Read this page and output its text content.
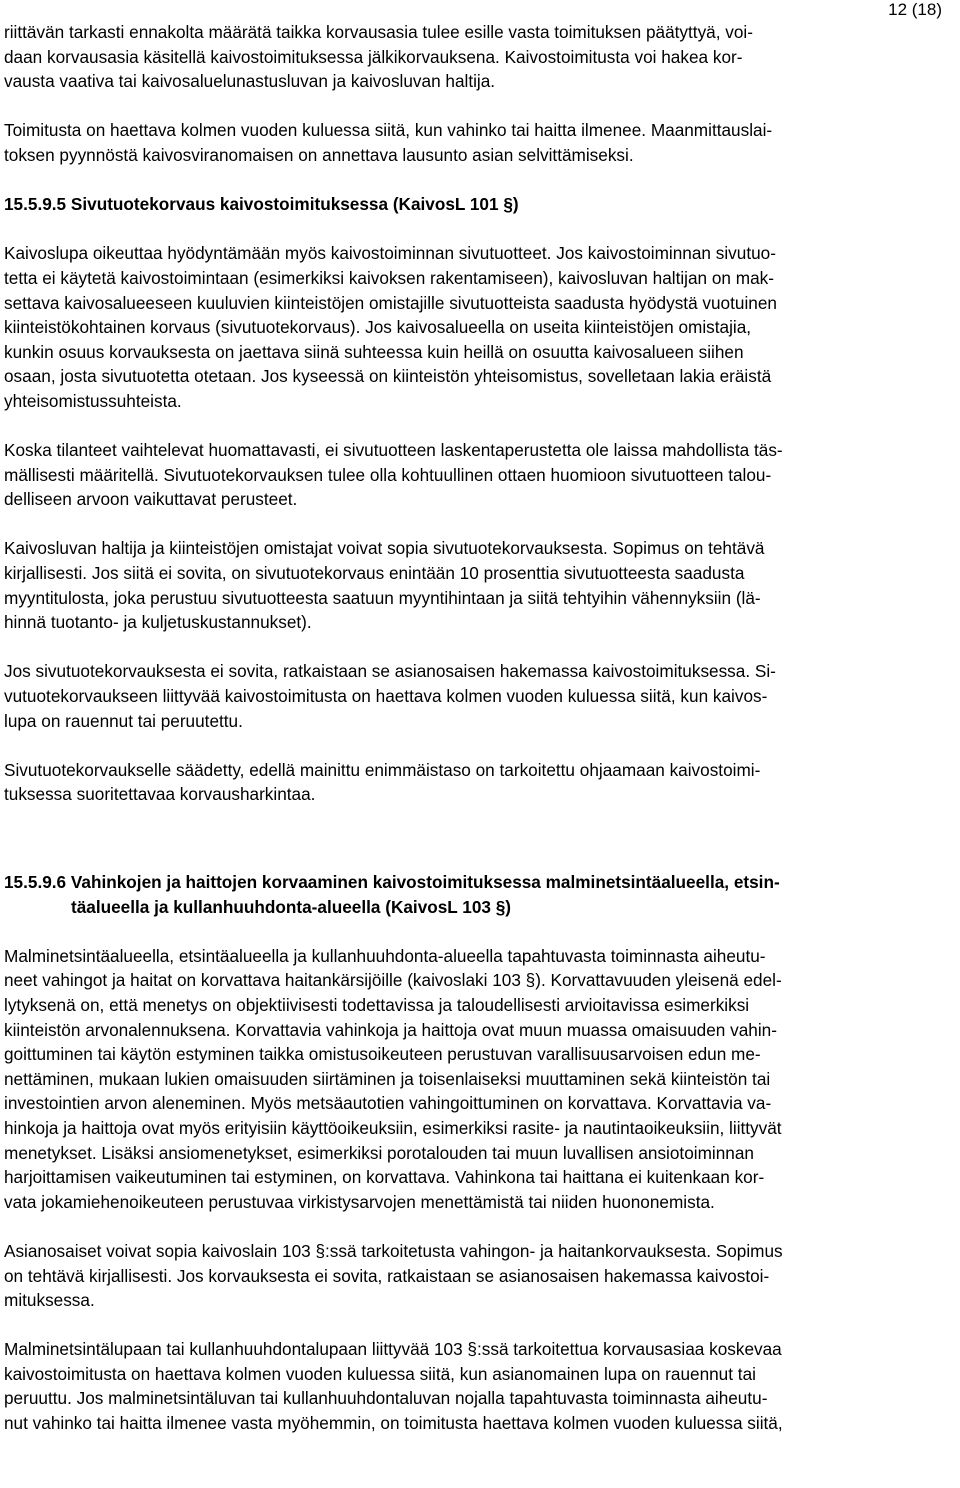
12 (18)

riittävän tarkasti ennakolta määrätä taikka korvausasia tulee esille vasta toimituksen päätyttyä, voi-
daan korvausasia käsitellä kaivostoimituksessa jälkikorvauksena. Kaivostoimitusta voi hakea kor-
vausta vaativa tai kaivosaluelunastusluvan ja kaivosluvan haltija.

Toimitusta on haettava kolmen vuoden kuluessa siitä, kun vahinko tai haitta ilmenee. Maanmittauslai-
toksen pyynnöstä kaivosviranomaisen on annettava lausunto asian selvittämiseksi.

15.5.9.5 Sivutuotekorvaus kaivostoimituksessa (KaivosL 101 §)

Kaivoslupa oikeuttaa hyödyntämään myös kaivostoiminnan sivutuotteet. Jos kaivostoiminnan sivutuo-
tetta ei käytetä kaivostoimintaan (esimerkiksi kaivoksen rakentamiseen), kaivosluvan haltijan on mak-
settava kaivosalueeseen kuuluvien kiinteistöjen omistajille sivutuotteista saadusta hyödystä vuotuinen
kiinteistökohtainen korvaus (sivutuotekorvaus). Jos kaivosalueella on useita kiinteistöjen omistajia,
kunkin osuus korvauksesta on jaettava siinä suhteessa kuin heillä on osuutta kaivosalueen siihen
osaan, josta sivutuotetta otetaan. Jos kyseessä on kiinteistön yhteisomistus, sovelletaan lakia eräistä
yhteisomistussuhteista.

Koska tilanteet vaihtelevat huomattavasti, ei sivutuotteen laskentaperustetta ole laissa mahdollista täs-
mällisesti määritellä. Sivutuotekorvauksen tulee olla kohtuullinen ottaen huomioon sivutuotteen talou-
delliseen arvoon vaikuttavat perusteet.

Kaivosluvan haltija ja kiinteistöjen omistajat voivat sopia sivutuotekorvauksesta. Sopimus on tehtävä
kirjallisesti. Jos siitä ei sovita, on sivutuotekorvaus enintään 10 prosenttia sivutuotteesta saadusta
myyntitulosta, joka perustuu sivutuotteesta saatuun myyntihintaan ja siitä tehtyihin vähennyksiin (lä-
hinnä tuotanto- ja kuljetuskustannukset).

Jos sivutuotekorvauksesta ei sovita, ratkaistaan se asianosaisen hakemassa kaivostoimituksessa. Si-
vutuotekorvaukseen liittyvää kaivostoimitusta on haettava kolmen vuoden kuluessa siitä, kun kaivos-
lupa on rauennut tai peruutettu.

Sivutuotekorvaukselle säädetty, edellä mainittu enimmäistaso on tarkoitettu ohjaamaan kaivostoimi-
tuksessa suoritettavaa korvausharkintaa.

15.5.9.6 Vahinkojen ja haittojen korvaaminen kaivostoimituksessa malminetsintäalueella, etsin-
täalueella ja kullanhuuhdonta-alueella (KaivosL 103 §)

Malminetsintäalueella, etsintäalueella ja kullanhuuhdonta-alueella tapahtuvasta toiminnasta aiheutu-
neet vahingot ja haitat on korvattava haitankärsijöille (kaivoslaki 103 §). Korvattavuuden yleisenä edel-
lytyksenä on, että menetys on objektiivisesti todettavissa ja taloudellisesti arvioitavissa esimerkiksi
kiinteistön arvonalennuksena. Korvattavia vahinkoja ja haittoja ovat muun muassa omaisuuden vahin-
goittuminen tai käytön estyminen taikka omistusoikeuteen perustuvan varallisuusarvoisen edun me-
nettäminen, mukaan lukien omaisuuden siirtäminen ja toisenlaiseksi muuttaminen sekä kiinteistön tai
investointien arvon aleneminen. Myös metsäautotien vahingoittuminen on korvattava. Korvattavia va-
hinkoja ja haittoja ovat myös erityisiin käyttöoikeuksiin, esimerkiksi rasite- ja nautintaoikeuksiin, liittyvät
menetykset. Lisäksi ansiomenetykset, esimerkiksi porotalouden tai muun luvallisen ansiotoiminnan
harjoittamisen vaikeutuminen tai estyminen, on korvattava. Vahinkona tai haittana ei kuitenkaan kor-
vata jokamiehenoikeuteen perustuvaa virkistysarvojen menettämistä tai niiden huononemista.

Asianosaiset voivat sopia kaivoslain 103 §:ssä tarkoitetusta vahingon- ja haitankorvauksesta. Sopimus
on tehtävä kirjallisesti. Jos korvauksesta ei sovita, ratkaistaan se asianosaisen hakemassa kaivostoi-
mituksessa.

Malminetsintälupaan tai kullanhuuhdontalupaan liittyvää 103 §:ssä tarkoitettua korvausasiaa koskevaa
kaivostoimitusta on haettava kolmen vuoden kuluessa siitä, kun asianomainen lupa on rauennut tai
peruuttu. Jos malminetsintäluvan tai kullanhuuhdontaluvan nojalla tapahtuvasta toiminnasta aiheutu-
nut vahinko tai haitta ilmenee vasta myöhemmin, on toimitusta haettava kolmen vuoden kuluessa siitä,
